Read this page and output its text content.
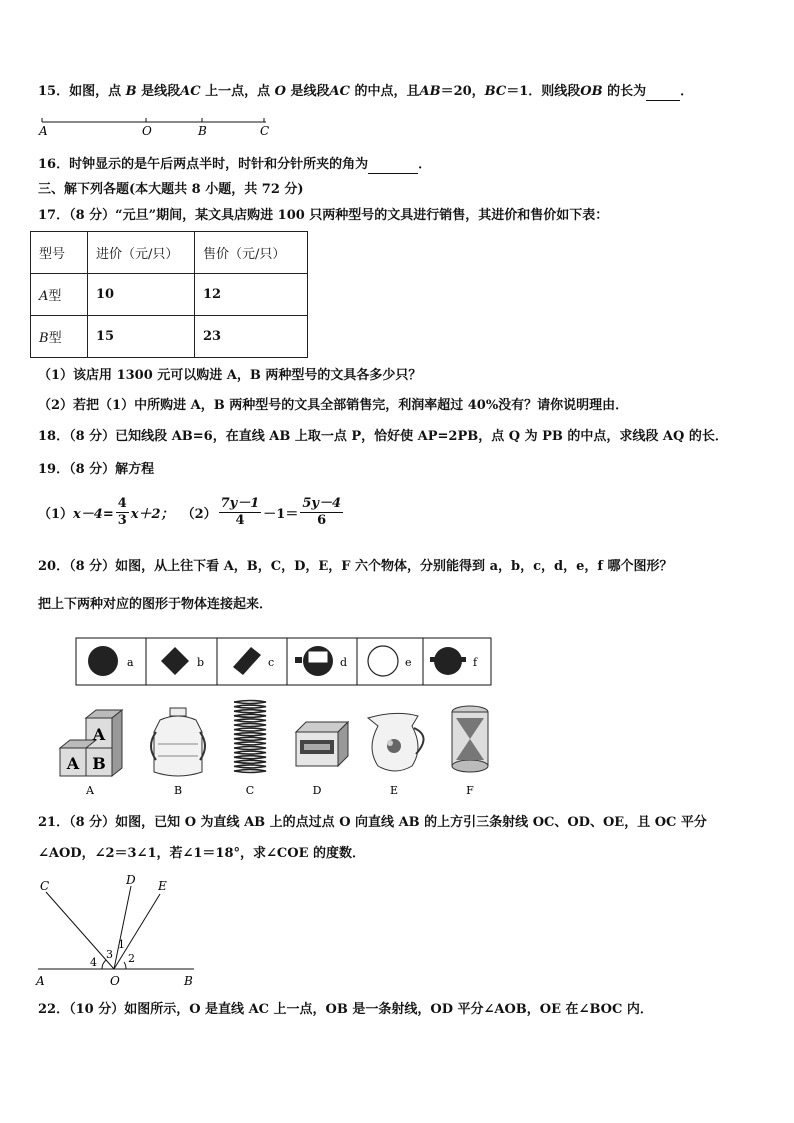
15．如图，点 B 是线段AC 上一点，点 O 是线段AC 的中点，且AB＝20，BC＝1．则线段OB 的长为	．
A	O	B	C
16．时钟显示的是午后两点半时，时针和分针所夹的角为	．
三、解下列各题(本大题共 8 小题，共 72 分)
17．（8 分）“元旦”期间，某文具店购进 100 只两种型号的文具进行销售，其进价和售价如下表：
型号	进价（元/只）	售价（元/只）
A型	10	12
B型	15	23
（1）该店用 1300 元可以购进 A，B 两种型号的文具各多少只？
（2）若把（1）中所购进 A，B 两种型号的文具全部销售完，利润率超过 40%没有？请你说明理由．
18．（8 分）已知线段 AB=6，在直线 AB 上取一点 P，恰好使 AP=2PB，点 Q 为 PB 的中点，求线段 AQ 的长．
19．（8 分）解方程
（1） $x-4= \frac{4}{3} x+2$； $(2) \frac{7y-1}{4} -1= \frac{5y-4}{6}$
20．（8 分）如图，从上往下看 A，B，C，D，E，F 六个物体，分别能得到 a，b，c，d，e，f 哪个图形？
把上下两种对应的图形于物体连接起来．
a	b	c	d	e	f
A
A
B
A	B	C	D	E	F
21．（8 分）如图，已知 O 为直线 AB 上的点过点 O 向直线 AB 的上方引三条射线 OC、OD、OE，且 OC 平分
∠AOD，∠2＝3∠1，若∠1＝18°，求∠COE 的度数．
C	D E
A	O	B
1
2
3
4
22．（10 分）如图所示，O 是直线 AC 上一点，OB 是一条射线，OD 平分∠AOB，OE 在∠BOC 内．
